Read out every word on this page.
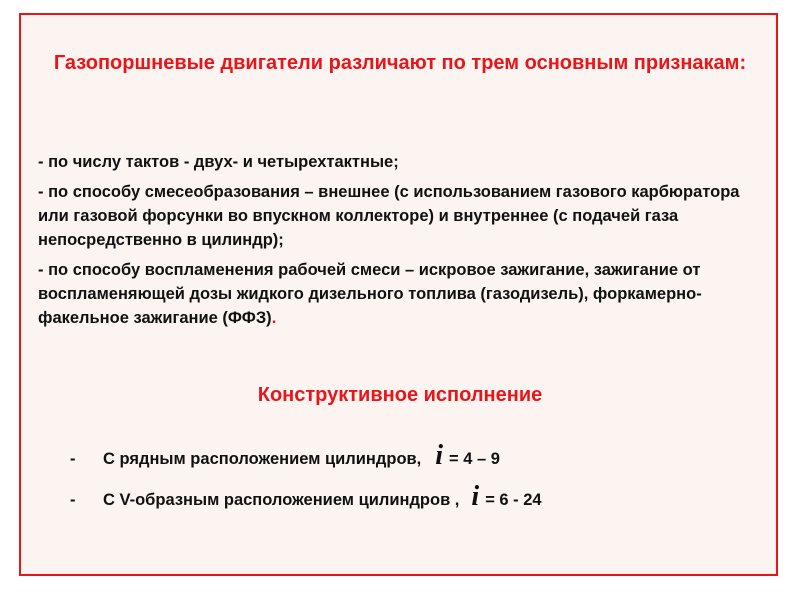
Газопоршневые двигатели различают по трем основным признакам:
- по числу тактов - двух- и четырехтактные;
- по способу смесеобразования – внешнее (с использованием газового карбюратора или газовой форсунки во впускном коллекторе) и внутреннее (с подачей газа непосредственно в цилиндр);
- по способу воспламенения рабочей смеси – искровое зажигание, зажигание от воспламеняющей дозы жидкого дизельного топлива (газодизель), форкамерно-факельное зажигание (ФФЗ).
Конструктивное исполнение
-	С рядным расположением цилиндров, i = 4 – 9
-	С V-образным расположением цилиндров , i = 6 - 24
